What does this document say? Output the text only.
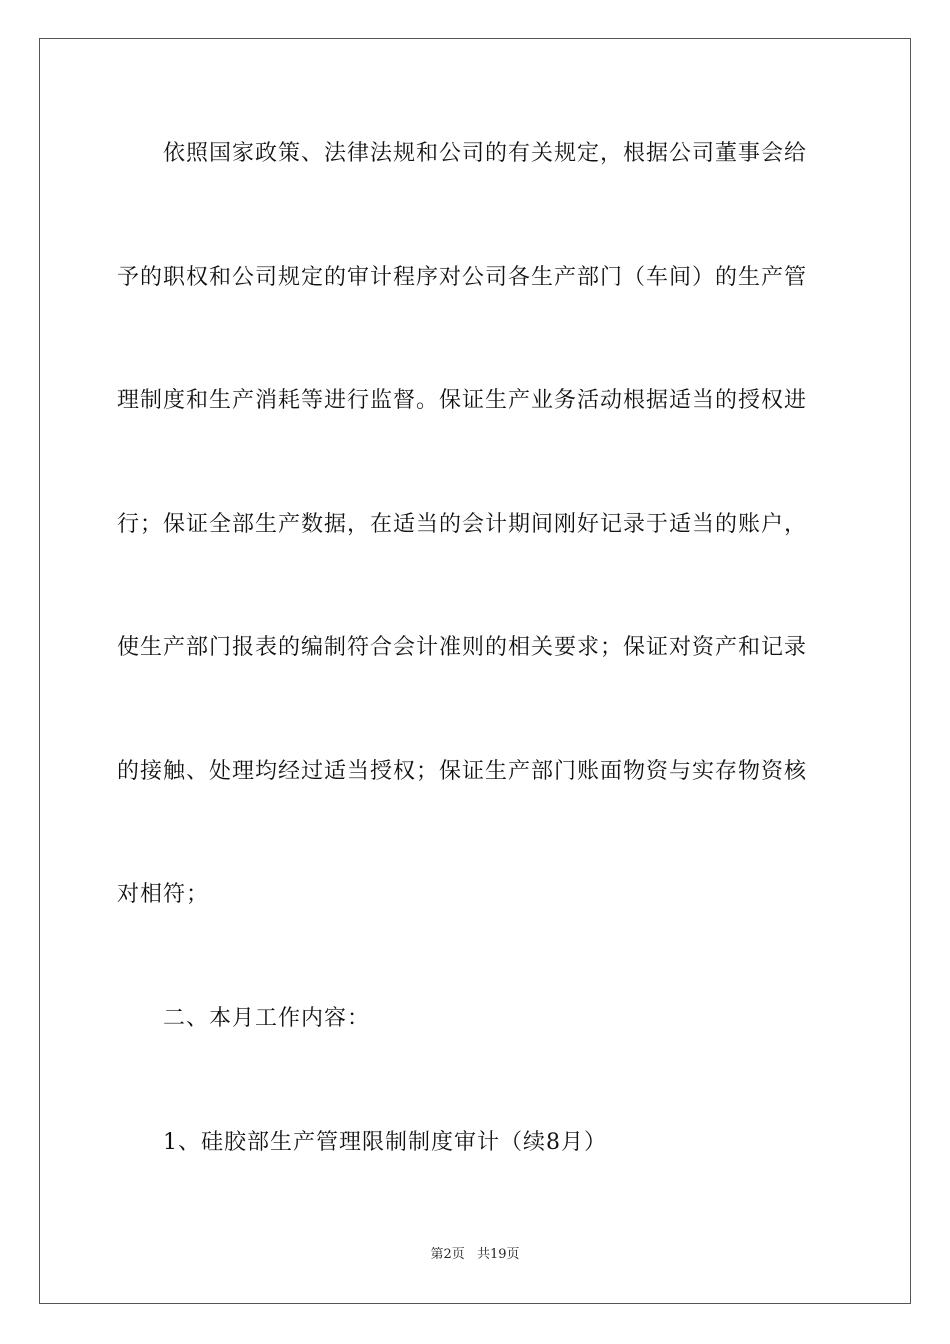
依照国家政策、法律法规和公司的有关规定，根据公司董事会给
予的职权和公司规定的审计程序对公司各生产部门（车间）的生产管
理制度和生产消耗等进行监督。保证生产业务活动根据适当的授权进
行；保证全部生产数据，在适当的会计期间刚好记录于适当的账户，
使生产部门报表的编制符合会计准则的相关要求；保证对资产和记录
的接触、处理均经过适当授权；保证生产部门账面物资与实存物资核
对相符；
二、本月工作内容：
1、硅胶部生产管理限制制度审计（续8月）
第2页 共19页
